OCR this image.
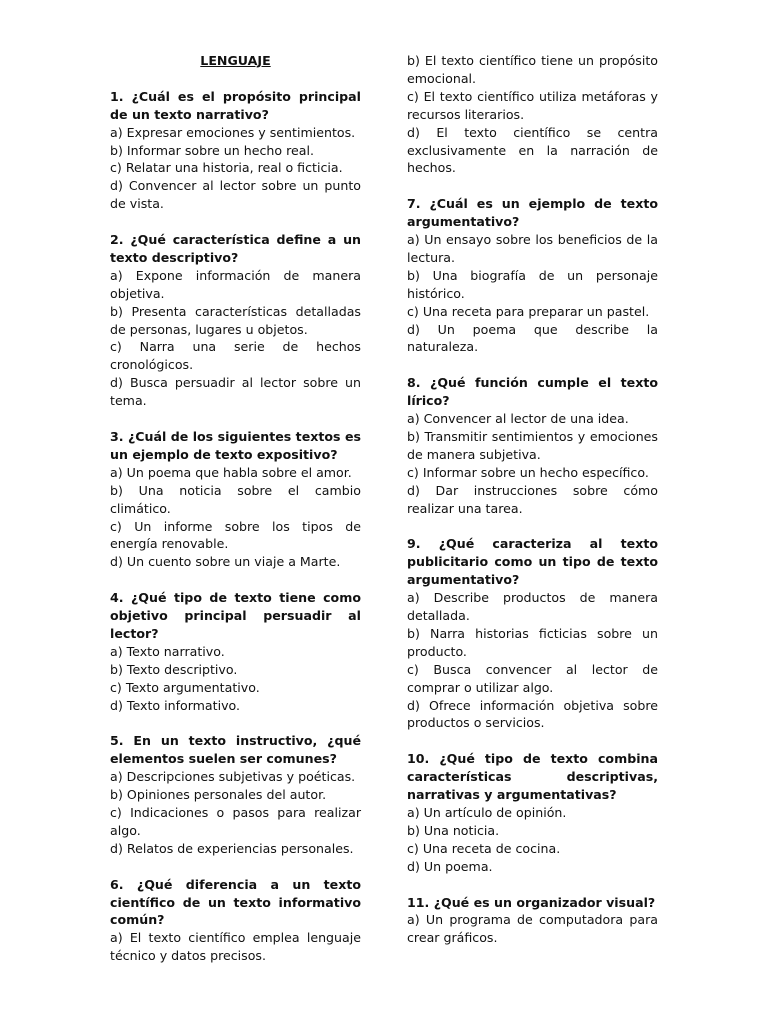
LENGUAJE

1. ¿Cuál es el propósito principal de un texto narrativo?

a) Expresar emociones y sentimientos.

b) Informar sobre un hecho real.

c) Relatar una historia, real o ficticia.

d) Convencer al lector sobre un punto de vista.

2. ¿Qué característica define a un texto descriptivo?

a) Expone información de manera objetiva.

b) Presenta características detalladas de personas, lugares u objetos.

c) Narra una serie de hechos cronológicos.

d) Busca persuadir al lector sobre un tema.

3. ¿Cuál de los siguientes textos es un ejemplo de texto expositivo?

a) Un poema que habla sobre el amor.

b) Una noticia sobre el cambio climático.

c) Un informe sobre los tipos de energía renovable.

d) Un cuento sobre un viaje a Marte.

4. ¿Qué tipo de texto tiene como objetivo principal persuadir al lector?

a) Texto narrativo.

b) Texto descriptivo.

c) Texto argumentativo.

d) Texto informativo.

5. En un texto instructivo, ¿qué elementos suelen ser comunes?

a) Descripciones subjetivas y poéticas.

b) Opiniones personales del autor.

c) Indicaciones o pasos para realizar algo.

d) Relatos de experiencias personales.

6. ¿Qué diferencia a un texto científico de un texto informativo común?

a) El texto científico emplea lenguaje técnico y datos precisos.

b) El texto científico tiene un propósito emocional.

c) El texto científico utiliza metáforas y recursos literarios.

d) El texto científico se centra exclusivamente en la narración de hechos.

7. ¿Cuál es un ejemplo de texto argumentativo?

a) Un ensayo sobre los beneficios de la lectura.

b) Una biografía de un personaje histórico.

c) Una receta para preparar un pastel.

d) Un poema que describe la naturaleza.

8. ¿Qué función cumple el texto lírico?

a) Convencer al lector de una idea.

b) Transmitir sentimientos y emociones de manera subjetiva.

c) Informar sobre un hecho específico.

d) Dar instrucciones sobre cómo realizar una tarea.

9. ¿Qué caracteriza al texto publicitario como un tipo de texto argumentativo?

a) Describe productos de manera detallada.

b) Narra historias ficticias sobre un producto.

c) Busca convencer al lector de comprar o utilizar algo.

d) Ofrece información objetiva sobre productos o servicios.

10. ¿Qué tipo de texto combina características descriptivas, narrativas y argumentativas?

a) Un artículo de opinión.

b) Una noticia.

c) Una receta de cocina.

d) Un poema.

11. ¿Qué es un organizador visual?

a) Un programa de computadora para crear gráficos.
